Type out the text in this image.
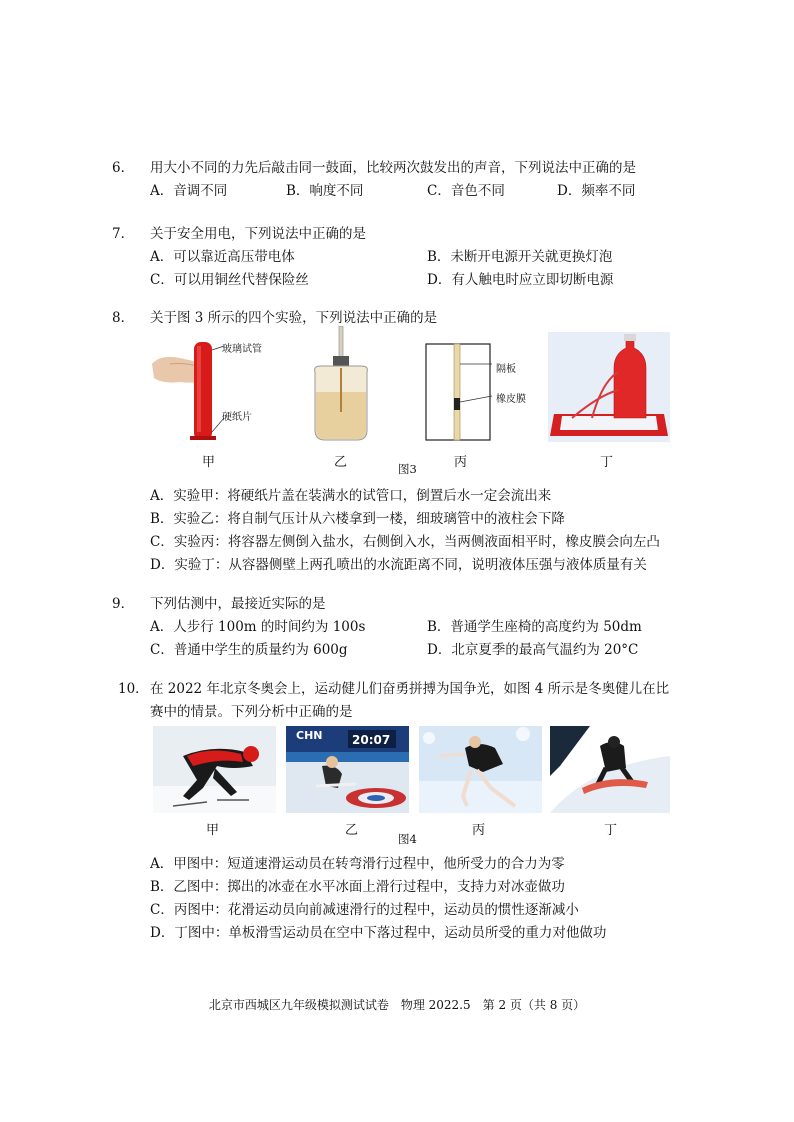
6． 用大小不同的力先后敲击同一鼓面，比较两次鼓发出的声音，下列说法中正确的是
A．音调不同	B．响度不同	C．音色不同	D．频率不同
7． 关于安全用电，下列说法中正确的是
A．可以靠近高压带电体	B．未断开电源开关就更换灯泡
C．可以用铜丝代替保险丝	D．有人触电时应立即切断电源
8． 关于图 3 所示的四个实验，下列说法中正确的是
玻璃试管
硬纸片
隔板
橡皮膜
甲	乙	丙	丁
图3
A．实验甲：将硬纸片盖在装满水的试管口，倒置后水一定会流出来
B．实验乙：将自制气压计从六楼拿到一楼，细玻璃管中的液柱会下降
C．实验丙：将容器左侧倒入盐水，右侧倒入水，当两侧液面相平时，橡皮膜会向左凸
D．实验丁：从容器侧壁上两孔喷出的水流距离不同，说明液体压强与液体质量有关
9． 下列估测中，最接近实际的是
A．人步行 100m 的时间约为 100s	B．普通学生座椅的高度约为 50dm
C．普通中学生的质量约为 600g	D．北京夏季的最高气温约为 20°C
10． 在 2022 年北京冬奥会上，运动健儿们奋勇拼搏为国争光，如图 4 所示是冬奥健儿在比
赛中的情景。下列分析中正确的是
CHN 20:07
甲	乙	丙	丁
图4
A．甲图中：短道速滑运动员在转弯滑行过程中，他所受力的合力为零
B．乙图中：掷出的冰壶在水平冰面上滑行过程中，支持力对冰壶做功
C．丙图中：花滑运动员向前减速滑行的过程中，运动员的惯性逐渐减小
D．丁图中：单板滑雪运动员在空中下落过程中，运动员所受的重力对他做功
北京市西城区九年级模拟测试试卷　物理 2022.5　第 2 页（共 8 页）
